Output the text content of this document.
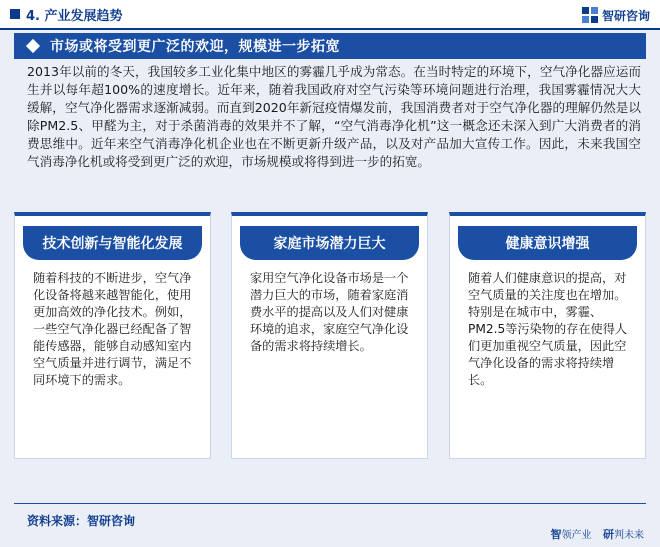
4. 产业发展趋势	智研咨询
市场或将受到更广泛的欢迎，规模进一步拓宽
2013年以前的冬天，我国较多工业化集中地区的雾霾几乎成为常态。在当时特定的环境下，空气净化器应运而生并以每年超100%的速度增长。近年来，随着我国政府对空气污染等环境问题进行治理，我国雾霾情况大大缓解，空气净化器需求逐渐减弱。而直到2020年新冠疫情爆发前，我国消费者对于空气净化器的理解仍然是以除PM2.5、甲醛为主，对于杀菌消毒的效果并不了解，“空气消毒净化机”这一概念还未深入到广大消费者的消费思维中。近年来空气消毒净化机企业也在不断更新升级产品，以及对产品加大宣传工作。因此，未来我国空气消毒净化机或将受到更广泛的欢迎，市场规模或将得到进一步的拓宽。
技术创新与智能化发展
随着科技的不断进步，空气净化设备将越来越智能化，使用更加高效的净化技术。例如，一些空气净化器已经配备了智能传感器，能够自动感知室内空气质量并进行调节，满足不同环境下的需求。
家庭市场潜力巨大
家用空气净化设备市场是一个潜力巨大的市场，随着家庭消费水平的提高以及人们对健康环境的追求，家庭空气净化设备的需求将持续增长。
健康意识增强
随着人们健康意识的提高，对空气质量的关注度也在增加。特别是在城市中，雾霾、PM2.5等污染物的存在使得人们更加重视空气质量，因此空气净化设备的需求将持续增长。
资料来源：智研咨询
智领产业 研判未来
